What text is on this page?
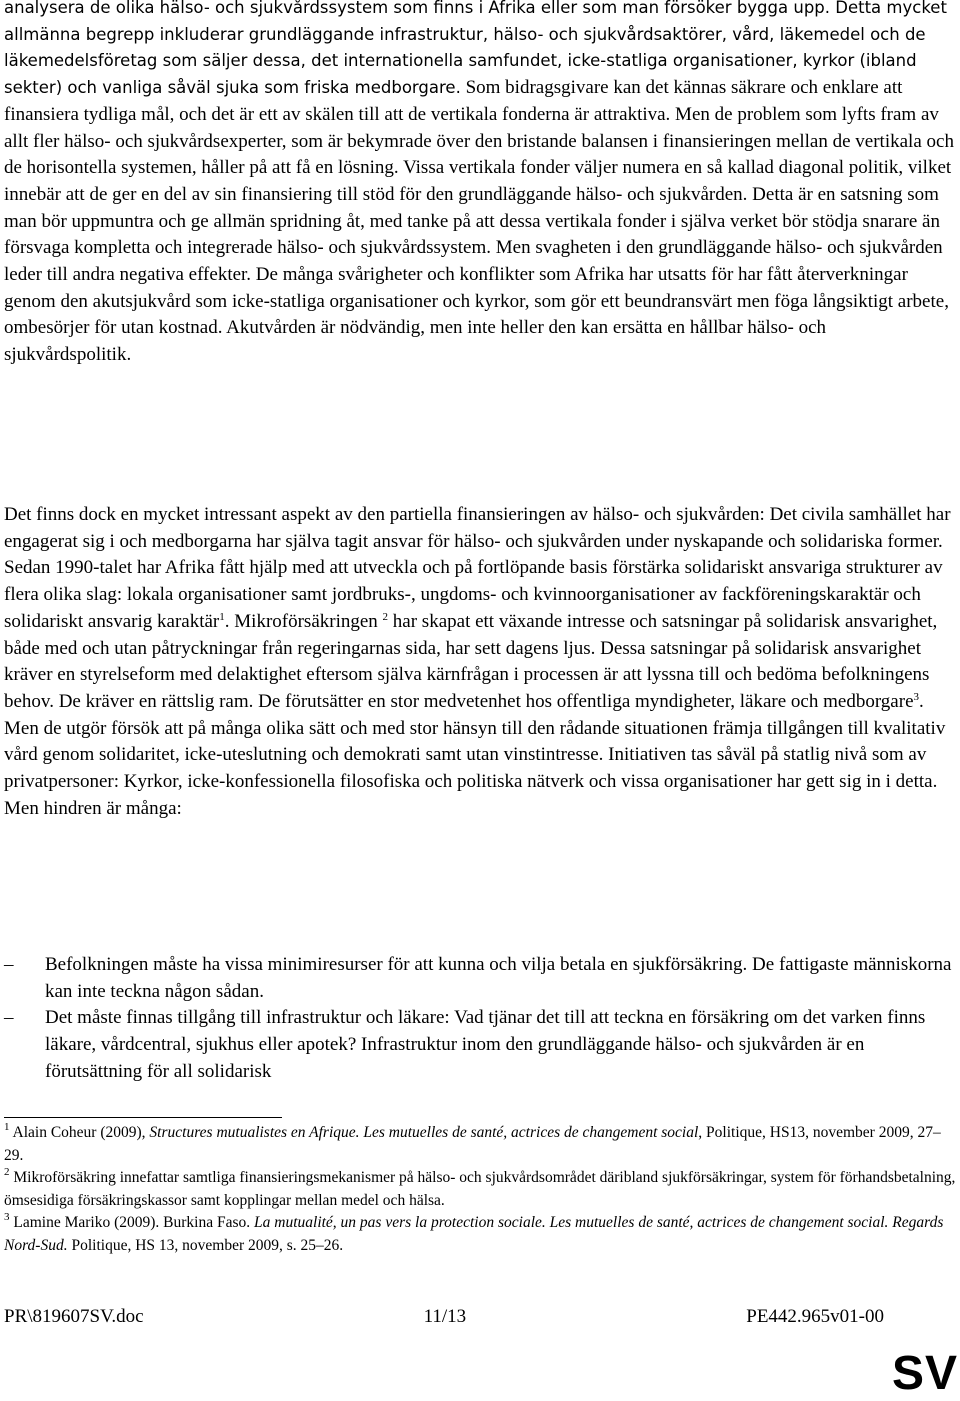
analysera de olika hälso- och sjukvårdssystem som finns i Afrika eller som man försöker bygga upp. Detta mycket allmänna begrepp inkluderar grundläggande infrastruktur, hälso- och sjukvårdsaktörer, vård, läkemedel och de läkemedelsföretag som säljer dessa, det internationella samfundet, icke-statliga organisationer, kyrkor (ibland sekter) och vanliga såväl sjuka som friska medborgare. Som bidragsgivare kan det kännas säkrare och enklare att finansiera tydliga mål, och det är ett av skälen till att de vertikala fonderna är attraktiva. Men de problem som lyfts fram av allt fler hälso- och sjukvårdsexperter, som är bekymrade över den bristande balansen i finansieringen mellan de vertikala och de horisontella systemen, håller på att få en lösning. Vissa vertikala fonder väljer numera en så kallad diagonal politik, vilket innebär att de ger en del av sin finansiering till stöd för den grundläggande hälso- och sjukvården. Detta är en satsning som man bör uppmuntra och ge allmän spridning åt, med tanke på att dessa vertikala fonder i själva verket bör stödja snarare än försvaga kompletta och integrerade hälso- och sjukvårdssystem. Men svagheten i den grundläggande hälso- och sjukvården leder till andra negativa effekter. De många svårigheter och konflikter som Afrika har utsatts för har fått återverkningar genom den akutsjukvård som icke-statliga organisationer och kyrkor, som gör ett beundransvärt men föga långsiktigt arbete, ombesörjer för utan kostnad. Akutvården är nödvändig, men inte heller den kan ersätta en hållbar hälso- och sjukvårdspolitik.

Det finns dock en mycket intressant aspekt av den partiella finansieringen av hälso- och sjukvården: Det civila samhället har engagerat sig i och medborgarna har själva tagit ansvar för hälso- och sjukvården under nyskapande och solidariska former. Sedan 1990-talet har Afrika fått hjälp med att utveckla och på fortlöpande basis förstärka solidariskt ansvariga strukturer av flera olika slag: lokala organisationer samt jordbruks-, ungdoms- och kvinnoorganisationer av fackföreningskaraktär och solidariskt ansvarig karaktär$^1$. Mikroförsäkringen $^2$ har skapat ett växande intresse och satsningar på solidarisk ansvarighet, både med och utan påtryckningar från regeringarnas sida, har sett dagens ljus. Dessa satsningar på solidarisk ansvarighet kräver en styrelseform med delaktighet eftersom själva kärnfrågan i processen är att lyssna till och bedöma befolkningens behov. De kräver en rättslig ram. De förutsätter en stor medvetenhet hos offentliga myndigheter, läkare och medborgare$^3$. Men de utgör försök att på många olika sätt och med stor hänsyn till den rådande situationen främja tillgången till kvalitativ vård genom solidaritet, icke-uteslutning och demokrati samt utan vinstintresse. Initiativen tas såväl på statlig nivå som av privatpersoner: Kyrkor, icke-konfessionella filosofiska och politiska nätverk och vissa organisationer har gett sig in i detta. Men hindren är många:

–	Befolkningen måste ha vissa minimiresurser för att kunna och vilja betala en sjukförsäkring. De fattigaste människorna kan inte teckna någon sådan.
–	Det måste finnas tillgång till infrastruktur och läkare: Vad tjänar det till att teckna en försäkring om det varken finns läkare, vårdcentral, sjukhus eller apotek? Infrastruktur inom den grundläggande hälso- och sjukvården är en förutsättning för all solidarisk

$^1$ Alain Coheur (2009), Structures mutualistes en Afrique. Les mutuelles de santé, actrices de changement social, Politique, HS13, november 2009, 27–29.

$^2$ Mikroförsäkring innefattar samtliga finansieringsmekanismer på hälso- och sjukvårdsområdet däribland sjukförsäkringar, system för förhandsbetalning, ömsesidiga försäkringskassor samt kopplingar mellan medel och hälsa.

$^3$ Lamine Mariko (2009). Burkina Faso. La mutualité, un pas vers la protection sociale. Les mutuelles de santé, actrices de changement social. Regards Nord-Sud. Politique, HS 13, november 2009, s. 25–26.

PR\819607SV.doc	11/13	PE442.965v01-00
SV
